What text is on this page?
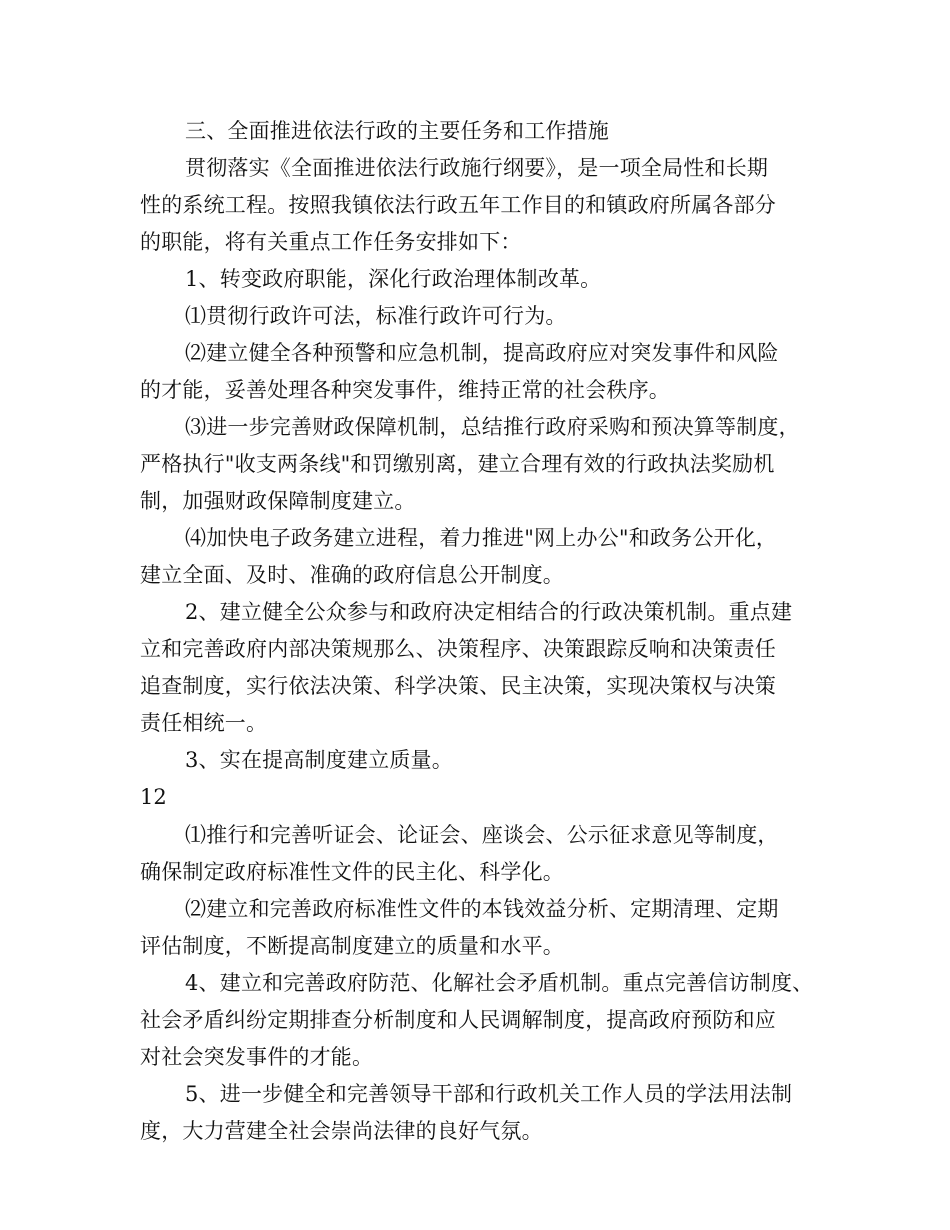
三、全面推进依法行政的主要任务和工作措施
贯彻落实《全面推进依法行政施行纲要》，是一项全局性和长期
性的系统工程。按照我镇依法行政五年工作目的和镇政府所属各部分
的职能，将有关重点工作任务安排如下：
1、转变政府职能，深化行政治理体制改革。
⑴贯彻行政许可法，标准行政许可行为。
⑵建立健全各种预警和应急机制，提高政府应对突发事件和风险
的才能，妥善处理各种突发事件，维持正常的社会秩序。
⑶进一步完善财政保障机制，总结推行政府采购和预决算等制度，
严格执行"收支两条线"和罚缴别离，建立合理有效的行政执法奖励机
制，加强财政保障制度建立。
⑷加快电子政务建立进程，着力推进"网上办公"和政务公开化，
建立全面、及时、准确的政府信息公开制度。
2、建立健全公众参与和政府决定相结合的行政决策机制。重点建
立和完善政府内部决策规那么、决策程序、决策跟踪反响和决策责任
追查制度，实行依法决策、科学决策、民主决策，实现决策权与决策
责任相统一。
3、实在提高制度建立质量。
12
⑴推行和完善听证会、论证会、座谈会、公示征求意见等制度，
确保制定政府标准性文件的民主化、科学化。
⑵建立和完善政府标准性文件的本钱效益分析、定期清理、定期
评估制度，不断提高制度建立的质量和水平。
4、建立和完善政府防范、化解社会矛盾机制。重点完善信访制度、
社会矛盾纠纷定期排查分析制度和人民调解制度，提高政府预防和应
对社会突发事件的才能。
5、进一步健全和完善领导干部和行政机关工作人员的学法用法制
度，大力营建全社会崇尚法律的良好气氛。
